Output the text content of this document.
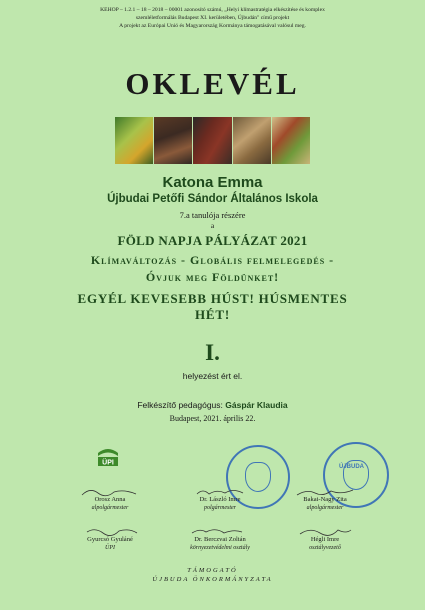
KEHOP – 1.2.1 – 18 – 2018 – 00001 azonosító számú, „Helyi klímastratégia elkészítése és komplex
szemléletformálás Budapest XI. kerületében, Újbudán" című projekt
A projekt az Európai Unió és Magyarország Kormánya támogatásával valósul meg.
OKLEVÉL
Katona Emma
Újbudai Petőfi Sándor Általános Iskola
7.a tanulója részére
a
FÖLD NAPJA PÁLYÁZAT 2021
Klímaváltozás - Globális felmelegedés -
Óvjuk meg Földünket!
EGYÉL KEVESEBB HÚST! HÚSMENTES
HÉT!
I.
helyezést ért el.
Felkészítő pedagógus: Gáspár Klaudia
Budapest, 2021. április 22.
ÜPI
ÚJBUDA
Orosz Anna
alpolgármester
Dr. László Imre
polgármester
Bakai-Nagy Zita
alpolgármester
Gyurcsó Gyuláné
ÜPI
Dr. Berczvai Zoltán
környezetvédelmi osztály
Hégli Imre
osztályvezető
TÁMOGATÓ
ÚJBUDA ÖNKORMÁNYZATA
